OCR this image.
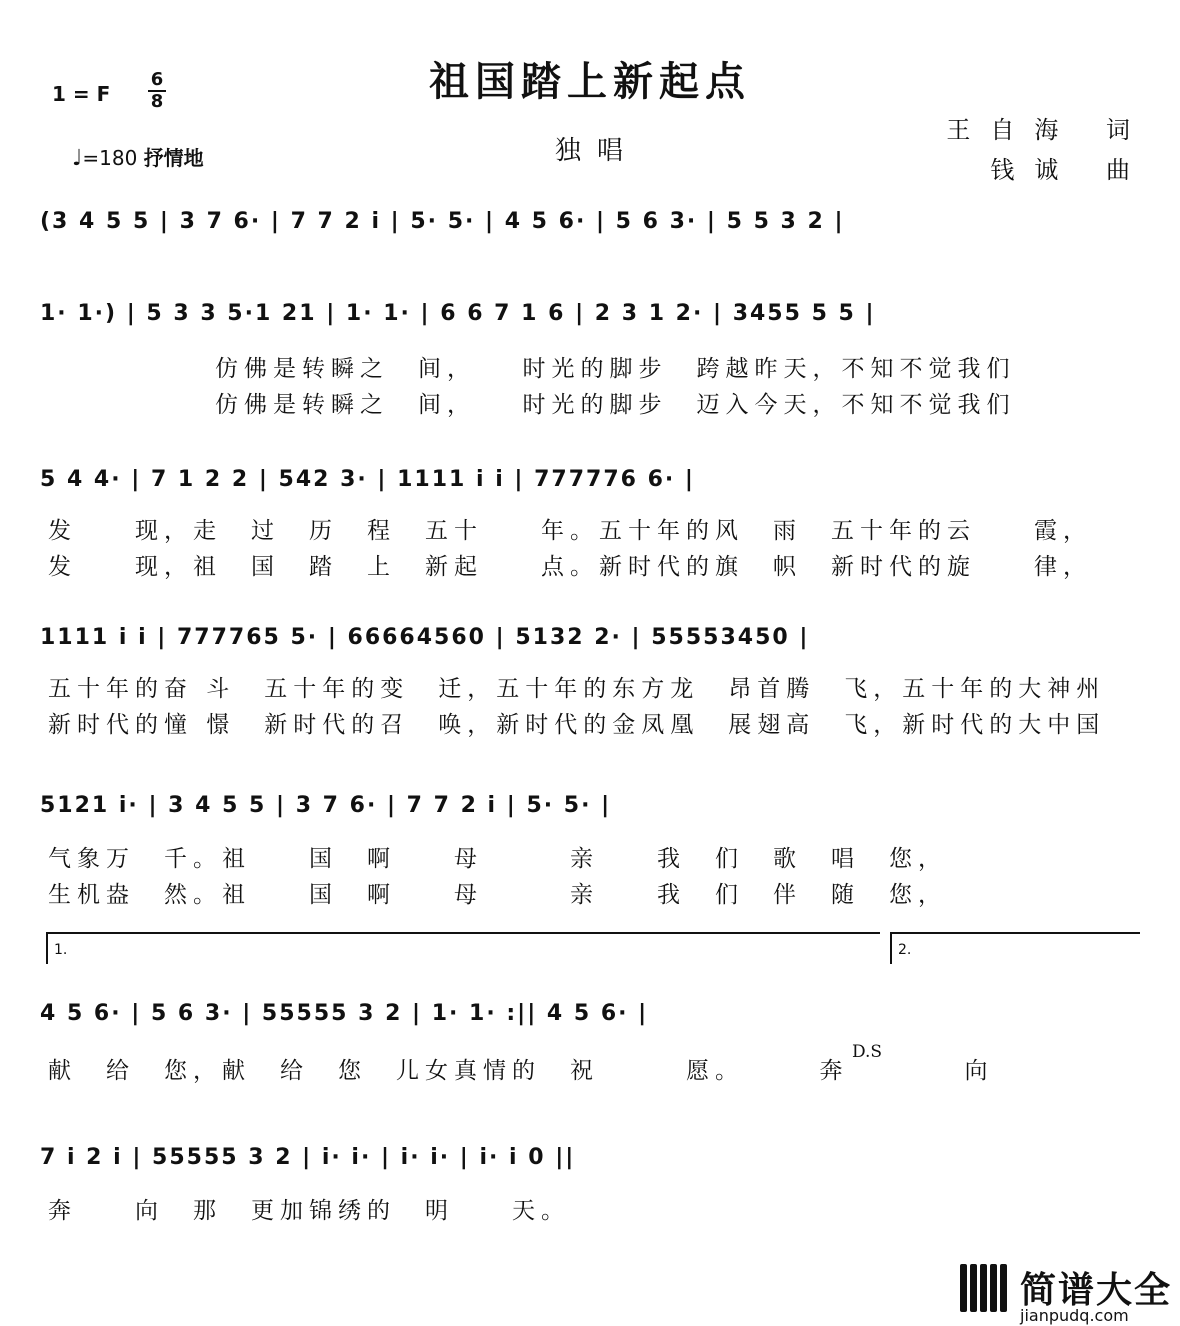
祖国踏上新起点
1 = F
6
8
♩=180 抒情地	独唱
王自海 词
钱诚 曲
(3 4 5 5 | 3 7 6· | 7 7 2 i | 5· 5· | 4 5 6· | 5 6 3· | 5 5 3 2 |
1· 1·) | 5 3 3 5·1 21 | 1· 1· | 6 6 7 1 6 | 2 3 1 2· | 3455 5 5 |
仿佛是转瞬之　间，　　时光的脚步　跨越昨天，不知不觉我们
仿佛是转瞬之　间，　　时光的脚步　迈入今天，不知不觉我们
5 4 4· | 7 1 2 2 | 542 3· | 1111 i i | 777776 6· |
发　　现，走　过　历　程　五十　　年。五十年的风　雨　五十年的云　　霞，
发　　现，祖　国　踏　上　新起　　点。新时代的旗　帜　新时代的旋　　律，
1111 i i | 777765 5· | 66664560 | 5132 2· | 55553450 |
五十年的奋 斗　五十年的变　迁，五十年的东方龙　昂首腾　飞，五十年的大神州
新时代的憧 憬　新时代的召　唤，新时代的金凤凰　展翅高　飞，新时代的大中国
5121 i· | 3 4 5 5 | 3 7 6· | 7 7 2 i | 5· 5· |
气象万　千。祖　　国　啊　　母　　　亲　　我　们　歌　唱　您，
生机盎　然。祖　　国　啊　　母　　　亲　　我　们　伴　随　您，
1.	2.
4 5 6· | 5 6 3· | 55555 3 2 | 1· 1· :|| 4 5 6· |
献　给　您，献　给　您　儿女真情的　祝　　　愿。　　　奔　　　　向
D.S
7 i 2 i | 55555 3 2 | i· i· | i· i· | i· i 0 ||
奔　　向　那　更加锦绣的　明　　天。
简谱大全
jianpudq.com
